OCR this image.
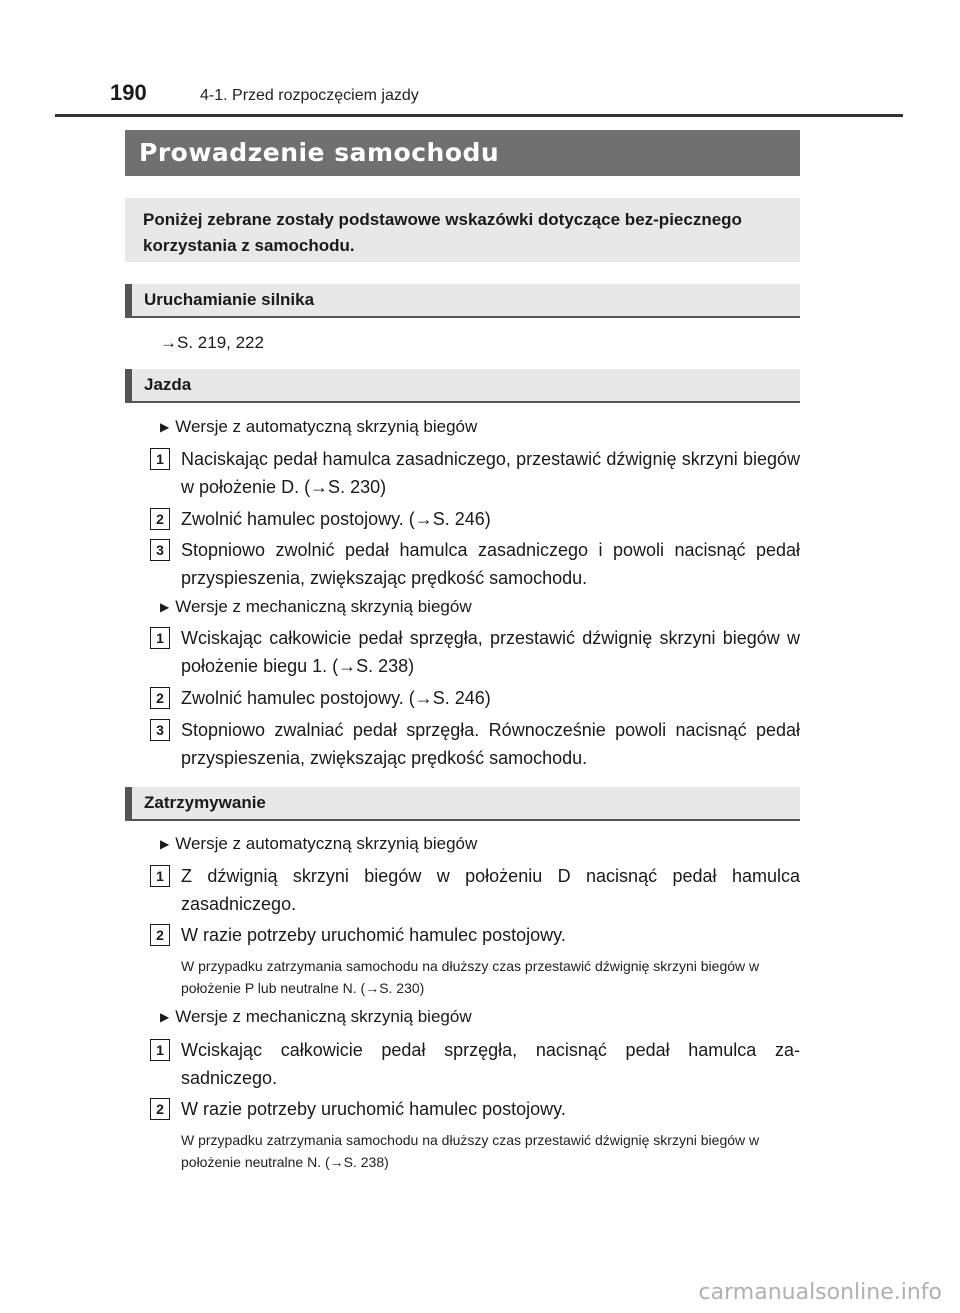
190	4-1. Przed rozpoczęciem jazdy
Prowadzenie samochodu
Poniżej zebrane zostały podstawowe wskazówki dotyczące bez-piecznego korzystania z samochodu.
Uruchamianie silnika
→S. 219, 222
Jazda
▶ Wersje z automatyczną skrzynią biegów
1 Naciskając pedał hamulca zasadniczego, przestawić dźwignię skrzyni biegów w położenie D. (→S. 230)
2 Zwolnić hamulec postojowy. (→S. 246)
3 Stopniowo zwolnić pedał hamulca zasadniczego i powoli nacisnąć pedał przyspieszenia, zwiększając prędkość samochodu.
▶ Wersje z mechaniczną skrzynią biegów
1 Wciskając całkowicie pedał sprzęgła, przestawić dźwignię skrzyni biegów w położenie biegu 1. (→S. 238)
2 Zwolnić hamulec postojowy. (→S. 246)
3 Stopniowo zwalniać pedał sprzęgła. Równocześnie powoli nacisnąć pedał przyspieszenia, zwiększając prędkość samochodu.
Zatrzymywanie
▶ Wersje z automatyczną skrzynią biegów
1 Z dźwignią skrzyni biegów w położeniu D nacisnąć pedał hamulca zasadniczego.
2 W razie potrzeby uruchomić hamulec postojowy.
W przypadku zatrzymania samochodu na dłuższy czas przestawić dźwignię skrzyni biegów w położenie P lub neutralne N. (→S. 230)
▶ Wersje z mechaniczną skrzynią biegów
1 Wciskając całkowicie pedał sprzęgła, nacisnąć pedał hamulca za-sadniczego.
2 W razie potrzeby uruchomić hamulec postojowy.
W przypadku zatrzymania samochodu na dłuższy czas przestawić dźwignię skrzyni biegów w położenie neutralne N. (→S. 238)
carmanualsonline.info
